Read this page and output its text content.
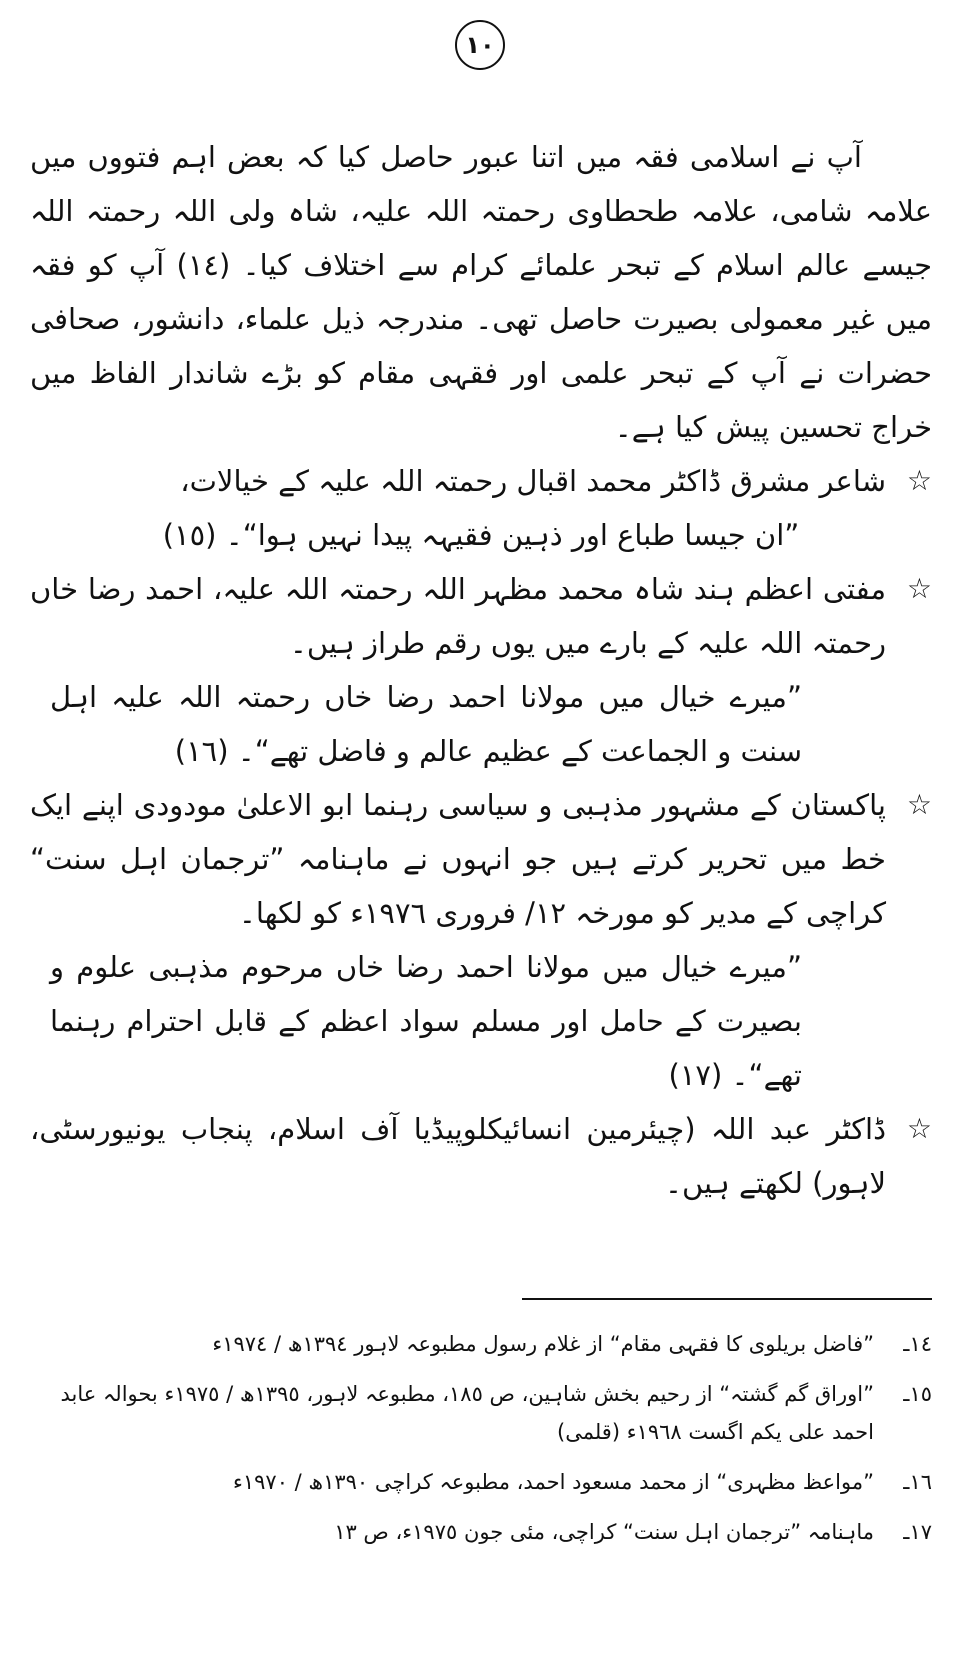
١٠

آپ نے اسلامی فقہ میں اتنا عبور حاصل کیا کہ بعض اہم فتووں میں علامہ شامی، علامہ طحطاوی رحمتہ اللہ علیہ، شاہ ولی اللہ رحمتہ اللہ جیسے عالم اسلام کے تبحر علمائے کرام سے اختلاف کیا۔ (١٤) آپ کو فقہ میں غیر معمولی بصیرت حاصل تھی۔ مندرجہ ذیل علماء، دانشور، صحافی حضرات نے آپ کے تبحر علمی اور فقہی مقام کو بڑے شاندار الفاظ میں خراج تحسین پیش کیا ہے۔

☆
شاعر مشرق ڈاکٹر محمد اقبال رحمتہ اللہ علیہ کے خیالات،

”ان جیسا طباع اور ذہین فقیہہ پیدا نہیں ہوا“۔ (١٥)

☆
مفتی اعظم ہند شاہ محمد مظہر اللہ رحمتہ اللہ علیہ، احمد رضا خاں رحمتہ اللہ علیہ کے بارے میں یوں رقم طراز ہیں۔

”میرے خیال میں مولانا احمد رضا خاں رحمتہ اللہ علیہ اہل سنت و الجماعت کے عظیم عالم و فاضل تھے“۔ (١٦)

☆
پاکستان کے مشہور مذہبی و سیاسی رہنما ابو الاعلیٰ مودودی اپنے ایک خط میں تحریر کرتے ہیں جو انہوں نے ماہنامہ ”ترجمان اہل سنت“ کراچی کے مدیر کو مورخہ ١٢/ فروری ١٩٧٦ء کو لکھا۔

”میرے خیال میں مولانا احمد رضا خاں مرحوم مذہبی علوم و بصیرت کے حامل اور مسلم سواد اعظم کے قابل احترام رہنما تھے“۔ (١٧)

☆
ڈاکٹر عبد اللہ (چیئرمین انسائیکلوپیڈیا آف اسلام، پنجاب یونیورسٹی، لاہور) لکھتے ہیں۔
١٤ـ
”فاضل بریلوی کا فقہی مقام“ از غلام رسول مطبوعہ لاہور ١٣٩٤ھ / ١٩٧٤ء
١٥ـ
”اوراق گم گشتہ“ از رحیم بخش شاہین، ص ١٨٥، مطبوعہ لاہور، ١٣٩٥ھ / ١٩٧٥ء بحوالہ عابد احمد علی یکم اگست ١٩٦٨ء (قلمی)
١٦ـ
”مواعظ مظہری“ از محمد مسعود احمد، مطبوعہ کراچی ١٣٩٠ھ / ١٩٧٠ء
١٧ـ
ماہنامہ ”ترجمان اہل سنت“ کراچی، مئی جون ١٩٧٥ء، ص ١٣
